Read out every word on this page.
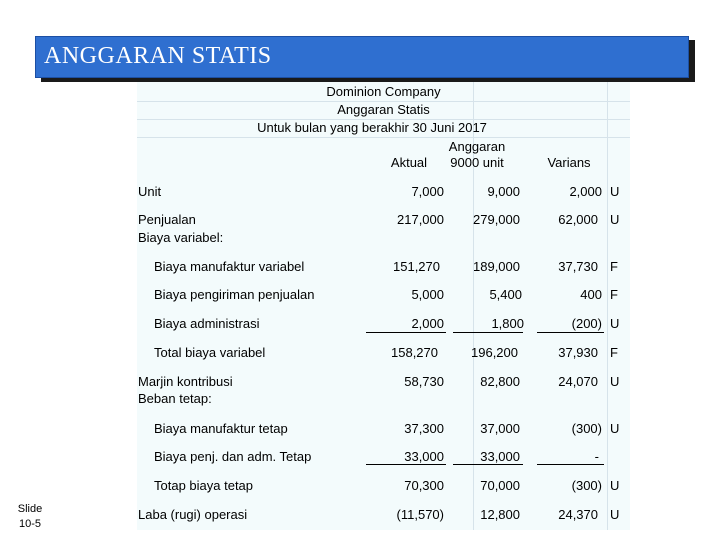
ANGGARAN STATIS
Dominion Company
Anggaran Statis
Untuk bulan yang berakhir 30 Juni 2017
Anggaran
9000 unit
Aktual	Varians
Unit
Penjualan
Biaya variabel:
Biaya manufaktur variabel
Biaya pengiriman penjualan
Biaya administrasi
Total biaya variabel
Marjin kontribusi
Beban tetap:
Biaya manufaktur tetap
Biaya penj. dan adm. Tetap
Totap biaya tetap
Laba (rugi) operasi
7,000
217,000
151,270
5,000
2,000
158,270
58,730
37,300
33,000
70,300
(11,570)
9,000
279,000
189,000
5,400
1,800
196,200
82,800
37,000
33,000
70,000
12,800
2,000
62,000
37,730
400
(200)
37,930
24,070
(300)
-
(300)
24,370
U
U
F
F
U
F
U
U
U
U
Slide
10-5
